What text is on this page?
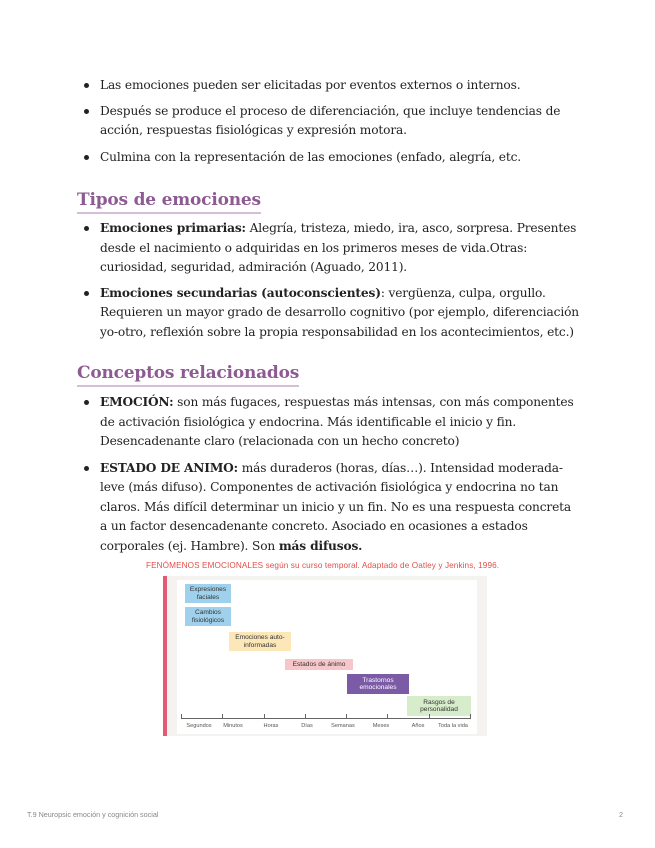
Las emociones pueden ser elicitadas por eventos externos o internos.
Después se produce el proceso de diferenciación, que incluye tendencias de acción, respuestas fisiológicas y expresión motora.
Culmina con la representación de las emociones (enfado, alegría, etc.
Tipos de emociones
Emociones primarias: Alegría, tristeza, miedo, ira, asco, sorpresa. Presentes desde el nacimiento o adquiridas en los primeros meses de vida.Otras: curiosidad, seguridad, admiración (Aguado, 2011).
Emociones secundarias (autoconscientes): vergüenza, culpa, orgullo. Requieren un mayor grado de desarrollo cognitivo (por ejemplo, diferenciación yo-otro, reflexión sobre la propia responsabilidad en los acontecimientos, etc.)
Conceptos relacionados
EMOCIÓN: son más fugaces, respuestas más intensas, con más componentes de activación fisiológica y endocrina. Más identificable el inicio y fin. Desencadenante claro (relacionada con un hecho concreto)
ESTADO DE ANIMO: más duraderos (horas, días…). Intensidad moderada-leve (más difuso). Componentes de activación fisiológica y endocrina no tan claros. Más difícil determinar un inicio y un fin. No es una respuesta concreta a un factor desencadenante concreto. Asociado en ocasiones a estados corporales (ej. Hambre). Son más difusos.
FENÓMENOS EMOCIONALES según su curso temporal. Adaptado de Oatley y Jenkins, 1996.
Expresiones faciales
Cambios fisiológicos
Emociones auto-informadas
Estados de ánimo
Trastornos emocionales
Rasgos de personalidad
Segundos Minutos	Horas	Días	Semanas	Meses	Años Toda la vida
T.9 Neuropsic emoción y cognición social	2
